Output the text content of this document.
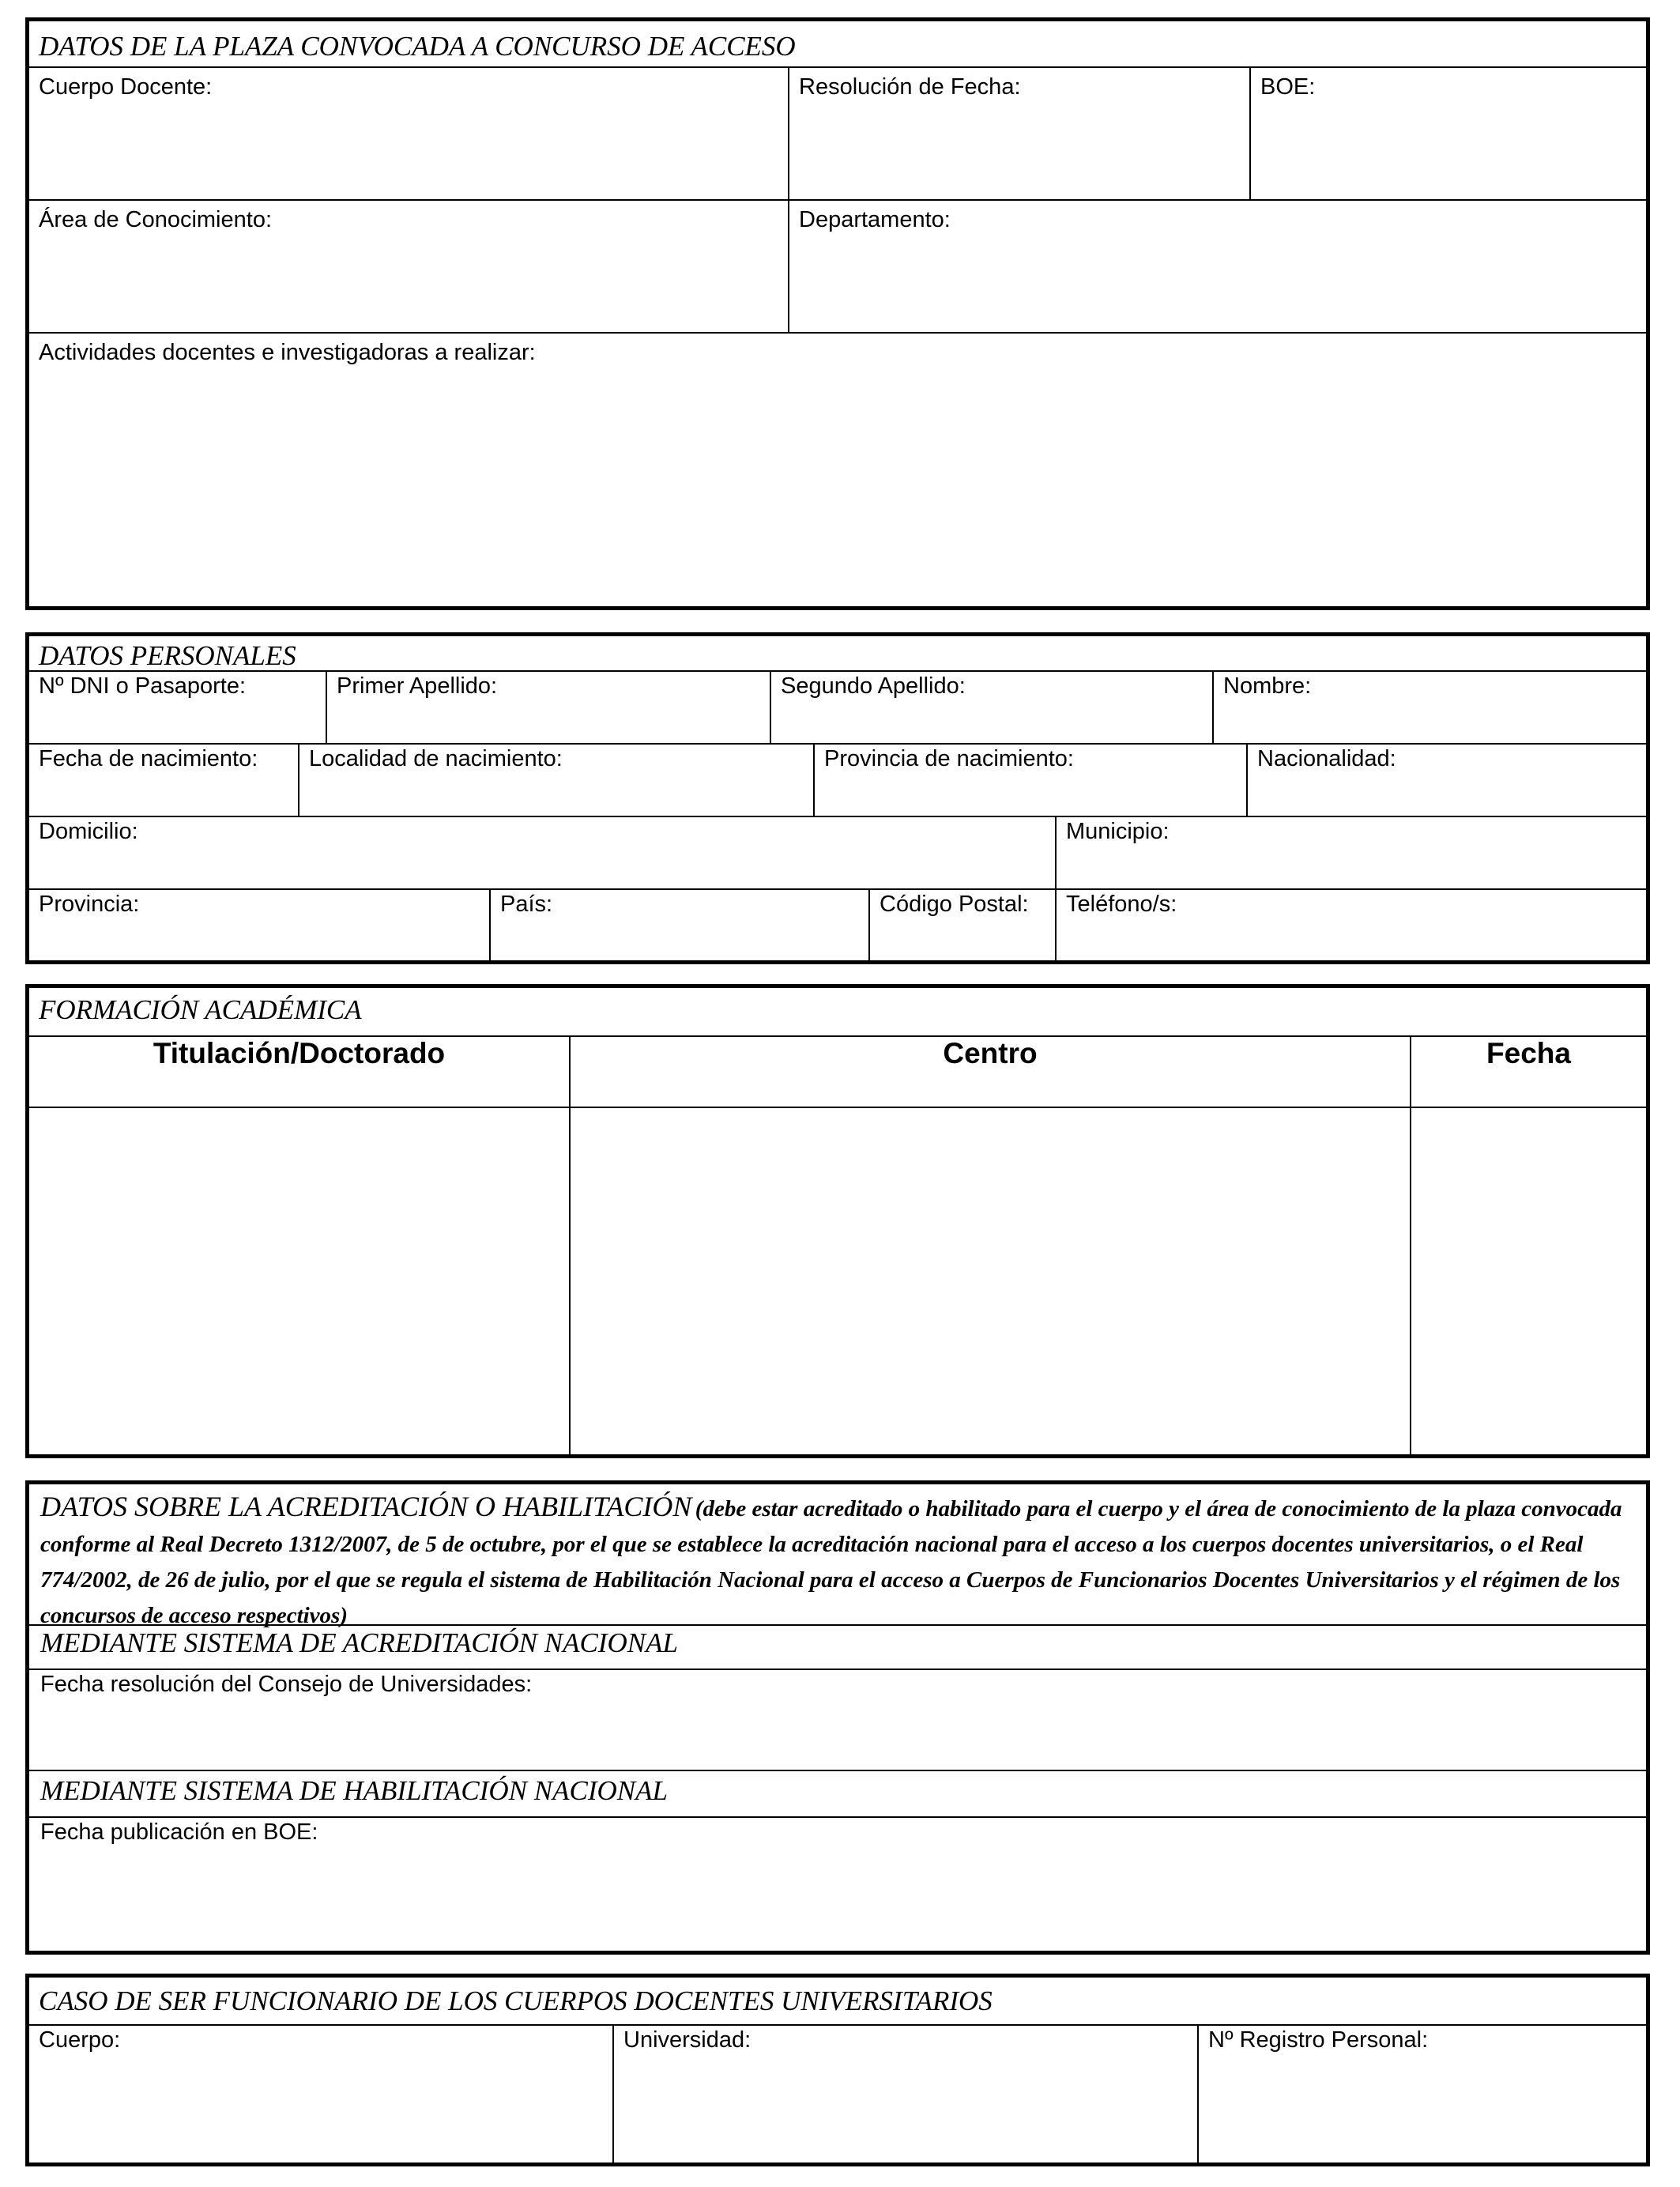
DATOS DE LA PLAZA CONVOCADA A CONCURSO DE ACCESO
Cuerpo Docente:	Resolución de Fecha:	BOE:
Área de Conocimiento:	Departamento:
Actividades docentes e investigadoras a realizar:
DATOS PERSONALES
Nº DNI o Pasaporte:	Primer Apellido:	Segundo Apellido:	Nombre:
Fecha de nacimiento: Localidad de nacimiento:	Provincia de nacimiento:	Nacionalidad:
Domicilio:	Municipio:
Provincia:	País:	Código Postal: Teléfono/s:
FORMACIÓN ACADÉMICA
Titulación/Doctorado	Centro	Fecha
DATOS SOBRE LA ACREDITACIÓN O HABILITACIÓN (debe estar acreditado o habilitado para el cuerpo y el área de conocimiento de la plaza convocada conforme al Real Decreto 1312/2007, de 5 de octubre, por el que se establece la acreditación nacional para el acceso a los cuerpos docentes universitarios, o el Real 774/2002, de 26 de julio, por el que se regula el sistema de Habilitación Nacional para el acceso a Cuerpos de Funcionarios Docentes Universitarios y el régimen de los concursos de acceso respectivos)
MEDIANTE SISTEMA DE ACREDITACIÓN NACIONAL
Fecha resolución del Consejo de Universidades:
MEDIANTE SISTEMA DE HABILITACIÓN NACIONAL
Fecha publicación en BOE:
CASO DE SER FUNCIONARIO DE LOS CUERPOS DOCENTES UNIVERSITARIOS
Cuerpo:	Universidad:	Nº Registro Personal:
